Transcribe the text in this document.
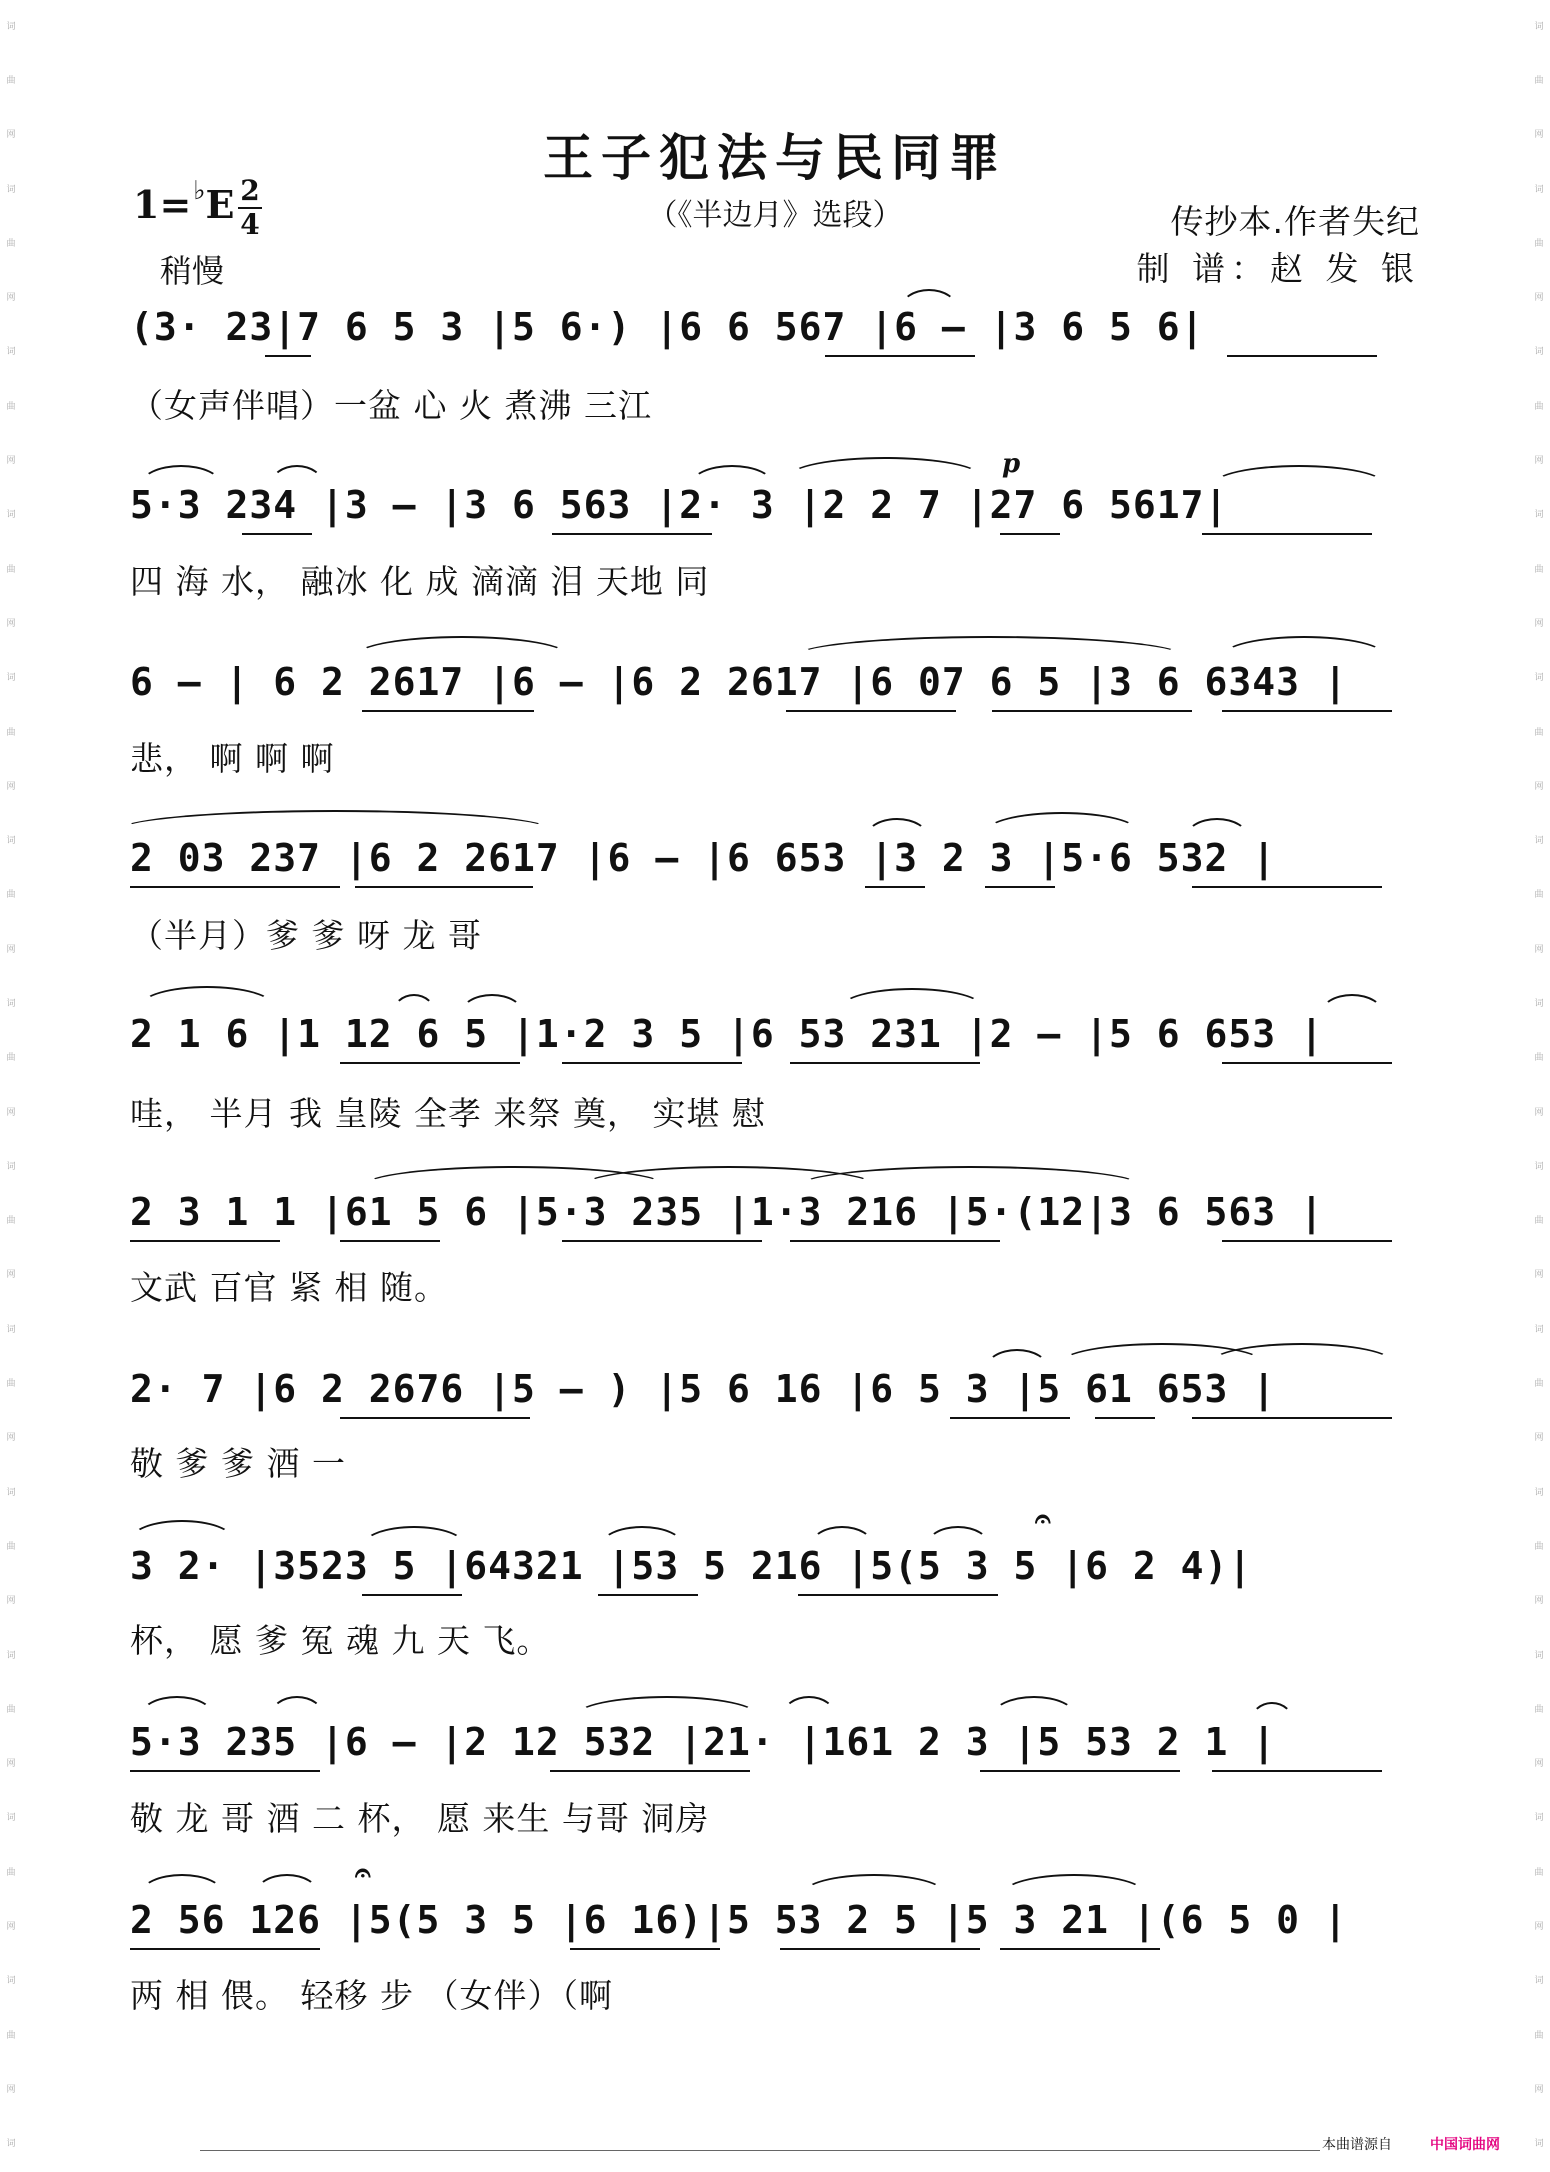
词
曲
网
词
曲
网
词
曲
网
词
曲
网
词
曲
网
词
曲
网
词
曲
网
词
曲
网
词
曲
网
词
曲
网
词
曲
网
词
曲
网
词
曲
网
词
词
曲
网
词
曲
网
词
曲
网
词
曲
网
词
曲
网
词
曲
网
词
曲
网
词
曲
网
词
曲
网
词
曲
网
词
曲
网
词
曲
网
词
曲
网
词
王子犯法与民同罪
（《半边月》选段）
1= ♭ E 2
4
稍慢
传抄本.作者失纪
制 谱：赵 发 银
(3· 23|7 6 5 3 |5 6·) |6 6 567 |6 – |3 6 5 6|
（女声伴唱）一盆 心 火 煮沸 三江
5·3 234 |3 – |3 6 563 |2· 3 |2 2 7 |27 6 5617|
p
四 海 水， 融冰 化 成 滴滴 泪 天地 同
6 – | 6 2 2617 |6 – |6 2 2617 |6 07 6 5 |3 6 6343 |
悲， 啊 啊 啊
2 03 237 |6 2 2617 |6 – |6 653 |3 2 3 |5·6 532 |
（半月）爹 爹 呀 龙 哥
2 1 6 |1 12 6 5 |1·2 3 5 |6 53 231 |2 – |5 6 653 |
哇， 半月 我 皇陵 全孝 来祭 奠， 实堪 慰
2 3 1 1 |61 5 6 |5·3 235 |1·3 216 |5·(12|3 6 563 |
文武 百官 紧 相 随。
2· 7 |6 2 2676 |5 – ) |5 6 16 |6 5 3 |5 61 653 |
敬 爹 爹 酒 一
3 2· |3523 5 |64321 |53 5 216 |5(5 3 5 |6 2 4)|
𝄐
杯， 愿 爹 冤 魂 九 天 飞。
5·3 235 |6 – |2 12 532 |21· |161 2 3 |5 53 2 1 |
敬 龙 哥 酒 二 杯， 愿 来生 与哥 洞房
2 56 126 |5(5 3 5 |6 16)|5 53 2 5 |5 3 21 |(6 5 0 |
𝄐
两 相 偎。 轻移 步 （女伴）（啊
本曲谱源自	中国词曲网
